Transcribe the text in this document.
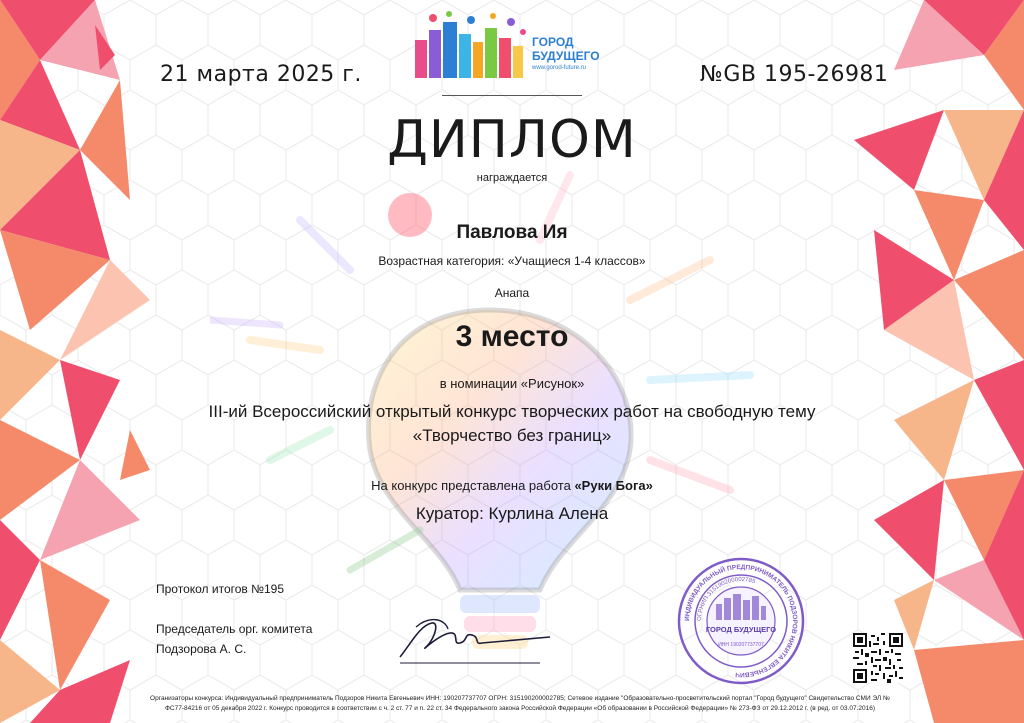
21 марта 2025 г.	№GB 195-26981
ГОРОД
БУДУЩЕГО
www.gorod-future.ru
ДИПЛОМ
награждается
Павлова Ия
Возрастная категория: «Учащиеся 1-4 классов»
Анапа
3 место
в номинации «Рисунок»
III-ий Всероссийский открытый конкурс творческих работ на свободную тему «Творчество без границ»
На конкурс представлена работа «Руки Бога»
Куратор: Курлина Алена
Протокол итогов №195
Председатель орг. комитета
Подзорова А. С.
ИНДИВИДУАЛЬНЫЙ ПРЕДПРИНИМАТЕЛЬ ПОДЗОРОВ НИКИТА ЕВГЕНЬЕВИЧ
ОГРНИП 315190200002785
ГОРОД БУДУЩЕГО
ИНН 190207737707
Организаторы конкурса: Индивидуальный предприниматель Подзоров Никита Евгеньевич ИНН: 190207737707 ОГРН: 315190200002785; Сетевое издание "Образовательно-просветительский портал "Город будущего" Свидетельство СМИ ЭЛ №
ФС77-84216 от 05 декабря 2022 г. Конкурс проводится в соответствии с ч. 2 ст. 77 и п. 22 ст. 34 Федерального закона Российской Федерации «Об образовании в Российской Федерации» № 273-ФЗ от 29.12.2012 г. (в ред. от 03.07.2016)
